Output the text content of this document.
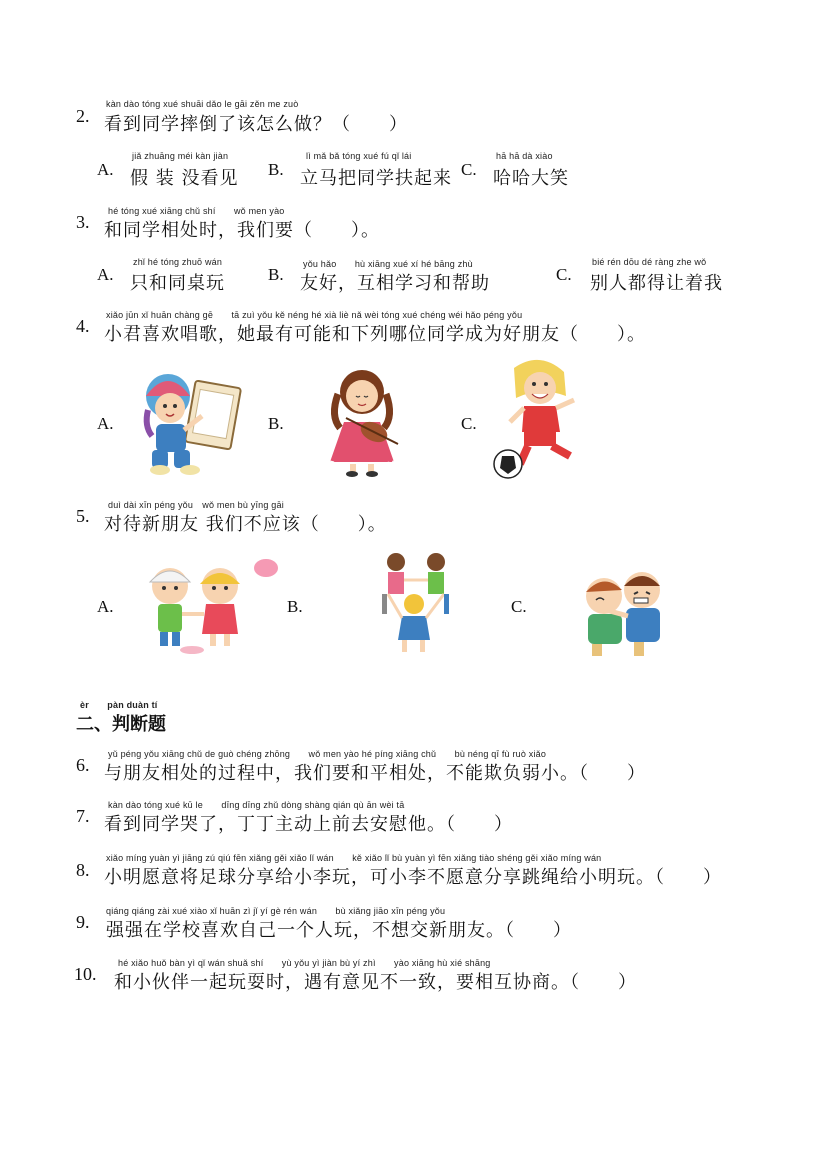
2.
kàn dào tóng xué shuāi dǎo le gāi zěn me zuò
看到同学摔倒了该怎么做？（　　）
A.
jiǎ zhuāng méi kàn jiàn
假 装 没看见 B.
lì mǎ bǎ tóng xué fú qǐ lái
立马把同学扶起来 C.
hā hā dà xiào
哈哈大笑
3.
hé tóng xué xiāng chǔ shí　　wǒ men yào
和同学相处时，我们要（　　）。
A.
zhǐ hé tóng zhuō wán
只和同桌玩	B.
yǒu hǎo　　hù xiāng xué xí hé bāng zhù
友好，互相学习和帮助	C.
bié rén dōu dé ràng zhe wǒ
别人都得让着我
4.
xiǎo jūn xǐ huān chàng gē　　tā zuì yǒu kě néng hé xià liè nǎ wèi tóng xué chéng wéi hǎo péng yǒu
小君喜欢唱歌，她最有可能和下列哪位同学成为好朋友（　　）。
A.	B.	C.
5.
duì dài xīn péng yǒu　wǒ men bù yīng gāi
对待新朋友 我们不应该（　　）。
A.	B.	C.
èr　　pàn duàn tí
二、判断题
6.
yǔ péng yǒu xiāng chǔ de guò chéng zhōng　　wǒ men yào hé píng xiāng chǔ　　bù néng qī fù ruò xiǎo
与朋友相处的过程中，我们要和平相处，不能欺负弱小。（　　）
7.
kàn dào tóng xué kū le　　dīng dīng zhǔ dòng shàng qián qù ān wèi tā
看到同学哭了，丁丁主动上前去安慰他。（　　）
8.
xiǎo míng yuàn yì jiāng zú qiú fēn xiǎng gěi xiǎo lǐ wán　　kě xiǎo lǐ bù yuàn yì fēn xiǎng tiào shéng gěi xiǎo míng wán
小明愿意将足球分享给小李玩，可小李不愿意分享跳绳给小明玩。（　　）
9.
qiáng qiáng zài xué xiào xǐ huān zì jǐ yí gè rén wán　　bù xiǎng jiāo xīn péng yǒu
强强在学校喜欢自己一个人玩，不想交新朋友。（　　）
10.
hé xiǎo huǒ bàn yì qǐ wán shuǎ shí　　yù yǒu yì jiàn bù yí zhì　　yào xiāng hù xié shāng
和小伙伴一起玩耍时，遇有意见不一致，要相互协商。（　　）
